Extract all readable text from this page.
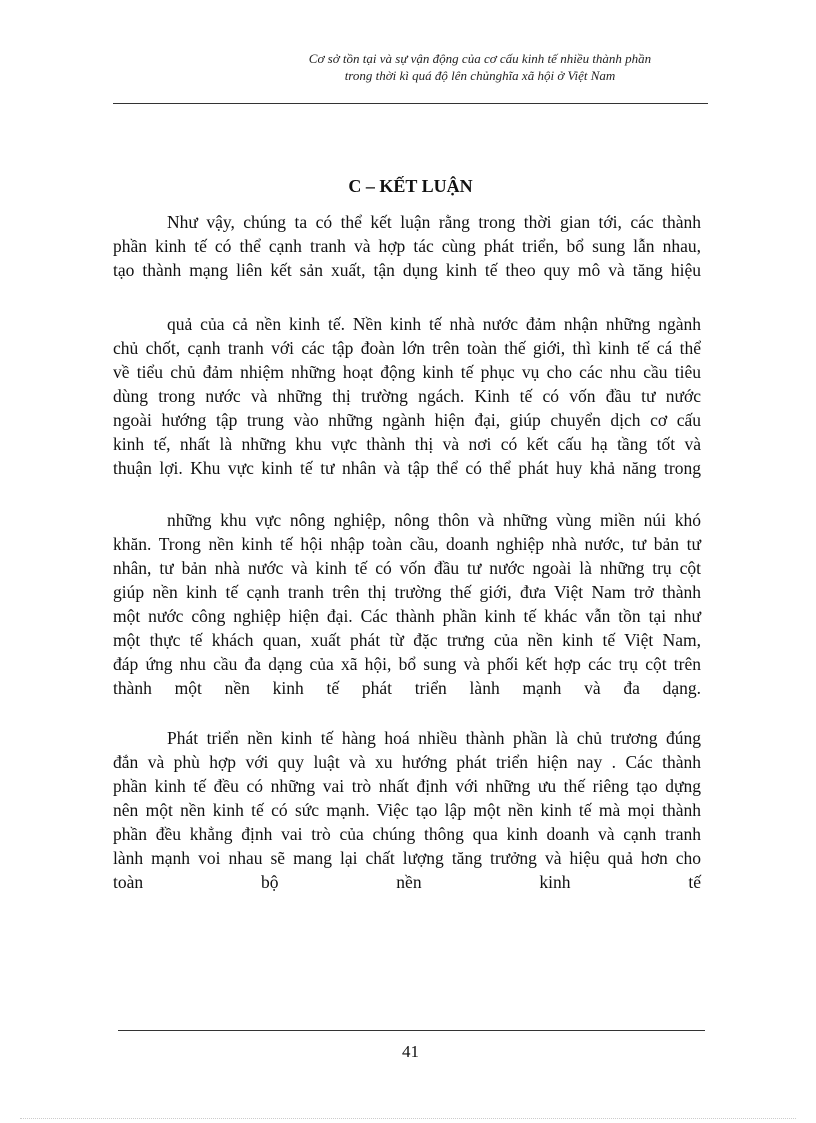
Cơ sở tồn tại và sự vận động của cơ cấu kinh tế nhiều thành phần
trong thời kì quá độ lên chủnghĩa xã hội ở Việt Nam
C – KẾT LUẬN

Như vậy, chúng ta có thể kết luận rằng trong thời gian tới, các thành
phần kinh tế có thể cạnh tranh và hợp tác cùng phát triển, bổ sung lẫn nhau,
tạo thành mạng liên kết sản xuất, tận dụng kinh tế theo quy mô và tăng hiệu

quả của cả nền kinh tế. Nền kinh tế nhà nước đảm nhận những ngành
chủ chốt, cạnh tranh với các tập đoàn lớn trên toàn thế giới, thì kinh tế cá thể
về tiểu chủ đảm nhiệm những hoạt động kinh tế phục vụ cho các nhu cầu tiêu
dùng trong nước và những thị trường ngách. Kinh tế có vốn đầu tư nước
ngoài hướng tập trung vào những ngành hiện đại, giúp chuyển dịch cơ cấu
kinh tế, nhất là những khu vực thành thị và nơi có kết cấu hạ tầng tốt và
thuận lợi. Khu vực kinh tế tư nhân và tập thể có thể phát huy khả năng trong

những khu vực nông nghiệp, nông thôn và những vùng miền núi khó
khăn. Trong nền kinh tế hội nhập toàn cầu, doanh nghiệp nhà nước, tư bản tư
nhân, tư bản nhà nước và kinh tế có vốn đầu tư nước ngoài là những trụ cột
giúp nền kinh tế cạnh tranh trên thị trường thế giới, đưa Việt Nam trở thành
một nước công nghiệp hiện đại. Các thành phần kinh tế khác vẫn tồn tại như
một thực tế khách quan, xuất phát từ đặc trưng của nền kinh tế Việt Nam,
đáp ứng nhu cầu đa dạng của xã hội, bổ sung và phối kết hợp các trụ cột trên
thành một nền kinh tế phát triển lành mạnh và đa dạng.

Phát triển nền kinh tế hàng hoá nhiều thành phần là chủ trương đúng
đắn và phù hợp với quy luật và xu hướng phát triển hiện nay . Các thành
phần kinh tế đều có những vai trò nhất định với những ưu thế riêng tạo dựng
nên một nền kinh tế có sức mạnh. Việc tạo lập một nền kinh tế mà mọi thành
phần đều khẳng định vai trò của chúng thông qua kinh doanh và cạnh tranh
lành mạnh voi nhau sẽ mang lại chất lượng tăng trưởng và hiệu quả hơn cho
toàn bộ nền kinh tế

41
